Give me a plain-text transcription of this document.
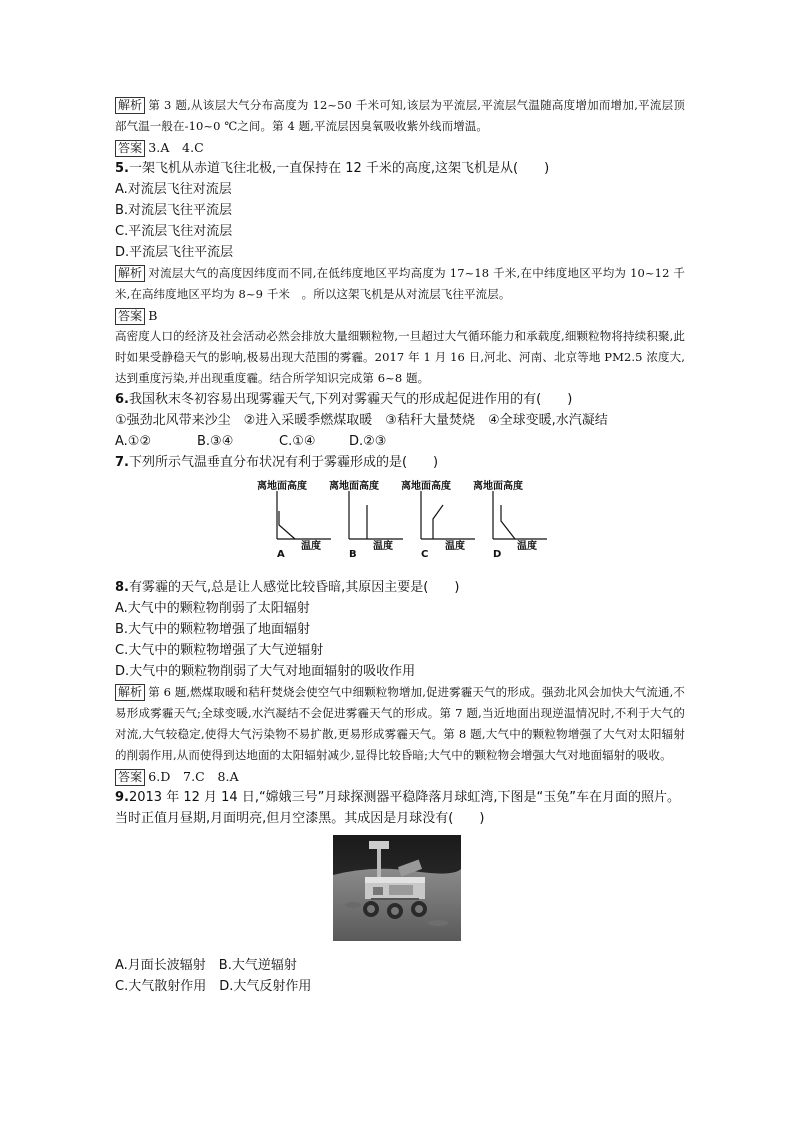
解析 第 3 题,从该层大气分布高度为 12~50 千米可知,该层为平流层,平流层气温随高度增加而增加,平流层顶部气温一般在-10~0 ℃之间。第 4 题,平流层因臭氧吸收紫外线而增温。

答案 3.A　4.C

5.一架飞机从赤道飞往北极,一直保持在 12 千米的高度,这架飞机是从(　　)

A.对流层飞往对流层

B.对流层飞往平流层

C.平流层飞往对流层

D.平流层飞往平流层

解析 对流层大气的高度因纬度而不同,在低纬度地区平均高度为 17~18 千米,在中纬度地区平均为 10~12 千米,在高纬度地区平均为 8~9 千米　。所以这架飞机是从对流层飞往平流层。

答案 B

高密度人口的经济及社会活动必然会排放大量细颗粒物,一旦超过大气循环能力和承载度,细颗粒物将持续积聚,此时如果受静稳天气的影响,极易出现大范围的雾霾。2017 年 1 月 16 日,河北、河南、北京等地 PM2.5 浓度大,达到重度污染,并出现重度霾。结合所学知识完成第 6~8 题。

6.我国秋末冬初容易出现雾霾天气,下列对雾霾天气的形成起促进作用的有(　　)

①强劲北风带来沙尘　②进入采暖季燃煤取暖　③秸秆大量焚烧　④全球变暖,水汽凝结

A.①②	B.③④	C.①④	D.②③

7.下列所示气温垂直分布状况有利于雾霾形成的是(　　)

离地面高度
温度
A
离地面高度
温度
B
离地面高度
温度
C
离地面高度
温度
D

8.有雾霾的天气,总是让人感觉比较昏暗,其原因主要是(　　)

A.大气中的颗粒物削弱了太阳辐射

B.大气中的颗粒物增强了地面辐射

C.大气中的颗粒物增强了大气逆辐射

D.大气中的颗粒物削弱了大气对地面辐射的吸收作用

解析 第 6 题,燃煤取暖和秸秆焚烧会使空气中细颗粒物增加,促进雾霾天气的形成。强劲北风会加快大气流通,不易形成雾霾天气;全球变暖,水汽凝结不会促进雾霾天气的形成。第 7 题,当近地面出现逆温情况时,不利于大气的对流,大气较稳定,使得大气污染物不易扩散,更易形成雾霾天气。第 8 题,大气中的颗粒物增强了大气对太阳辐射的削弱作用,从而使得到达地面的太阳辐射减少,显得比较昏暗;大气中的颗粒物会增强大气对地面辐射的吸收。

答案 6.D　7.C　8.A

9.2013 年 12 月 14 日,“嫦娥三号”月球探测器平稳降落月球虹湾,下图是“玉兔”车在月面的照片。当时正值月昼期,月面明亮,但月空漆黑。其成因是月球没有(　　)

A.月面长波辐射　B.大气逆辐射

C.大气散射作用　D.大气反射作用
